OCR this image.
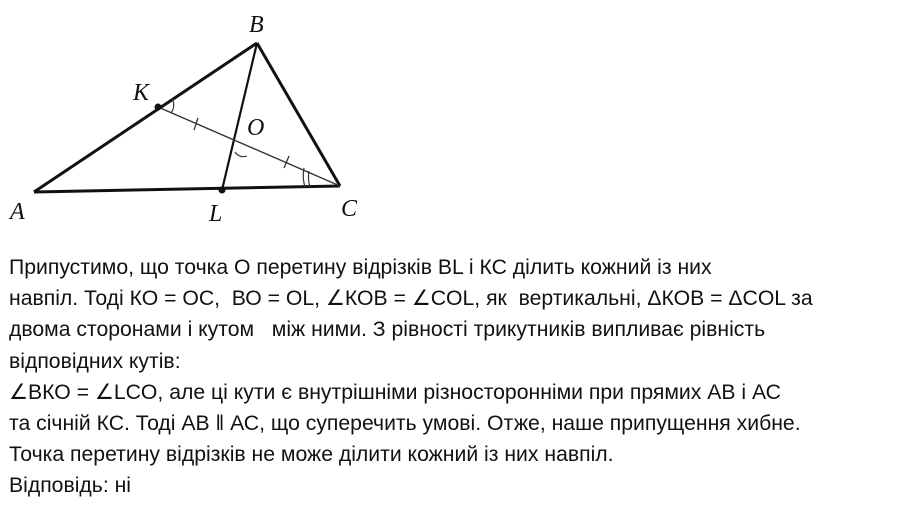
A
B
C
K
L
O
Припустимо, що точка О перетину відрізків BL і КС ділить кожний із них
навпіл. Тоді КО = ОС,  ВО = OL, ∠КОВ = ∠COL, як  вертикальні, ΔКОВ = ΔCOL за
двома сторонами і кутом   між ними. З рівності трикутників випливає рівність
відповідних кутів:
∠ВКО = ∠LCO, але ці кути є внутрішніми різносторонніми при прямих АВ і АС
та січній КС. Тоді АВ ǁ АС, що суперечить умові. Отже, наше припущення хибне.
Точка перетину відрізків не може ділити кожний із них навпіл.
Відповідь: ні
